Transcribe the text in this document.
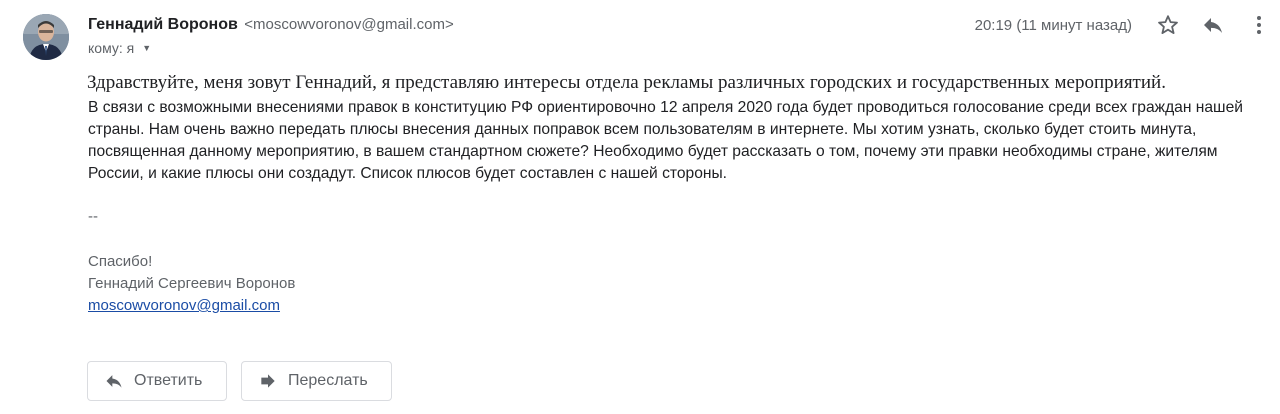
Геннадий Воронов <moscowvoronov@gmail.com>
кому: я ▼
20:19 (11 минут назад)
Здравствуйте, меня зовут Геннадий, я представляю интересы отдела рекламы различных городских и государственных мероприятий.

В связи с возможными внесениями правок в конституцию РФ ориентировочно 12 апреля 2020 года будет проводиться голосование среди всех граждан нашей страны. Нам очень важно передать плюсы внесения данных поправок всем пользователям в интернете. Мы хотим узнать, сколько будет стоить минута, посвященная данному мероприятию, в вашем стандартном сюжете? Необходимо будет рассказать о том, почему эти правки необходимы стране, жителям России, и какие плюсы они создадут. Список плюсов будет составлен с нашей стороны.

--
Спасибо!
Геннадий Сергеевич Воронов
moscowvoronov@gmail.com
Ответить	Переслать
